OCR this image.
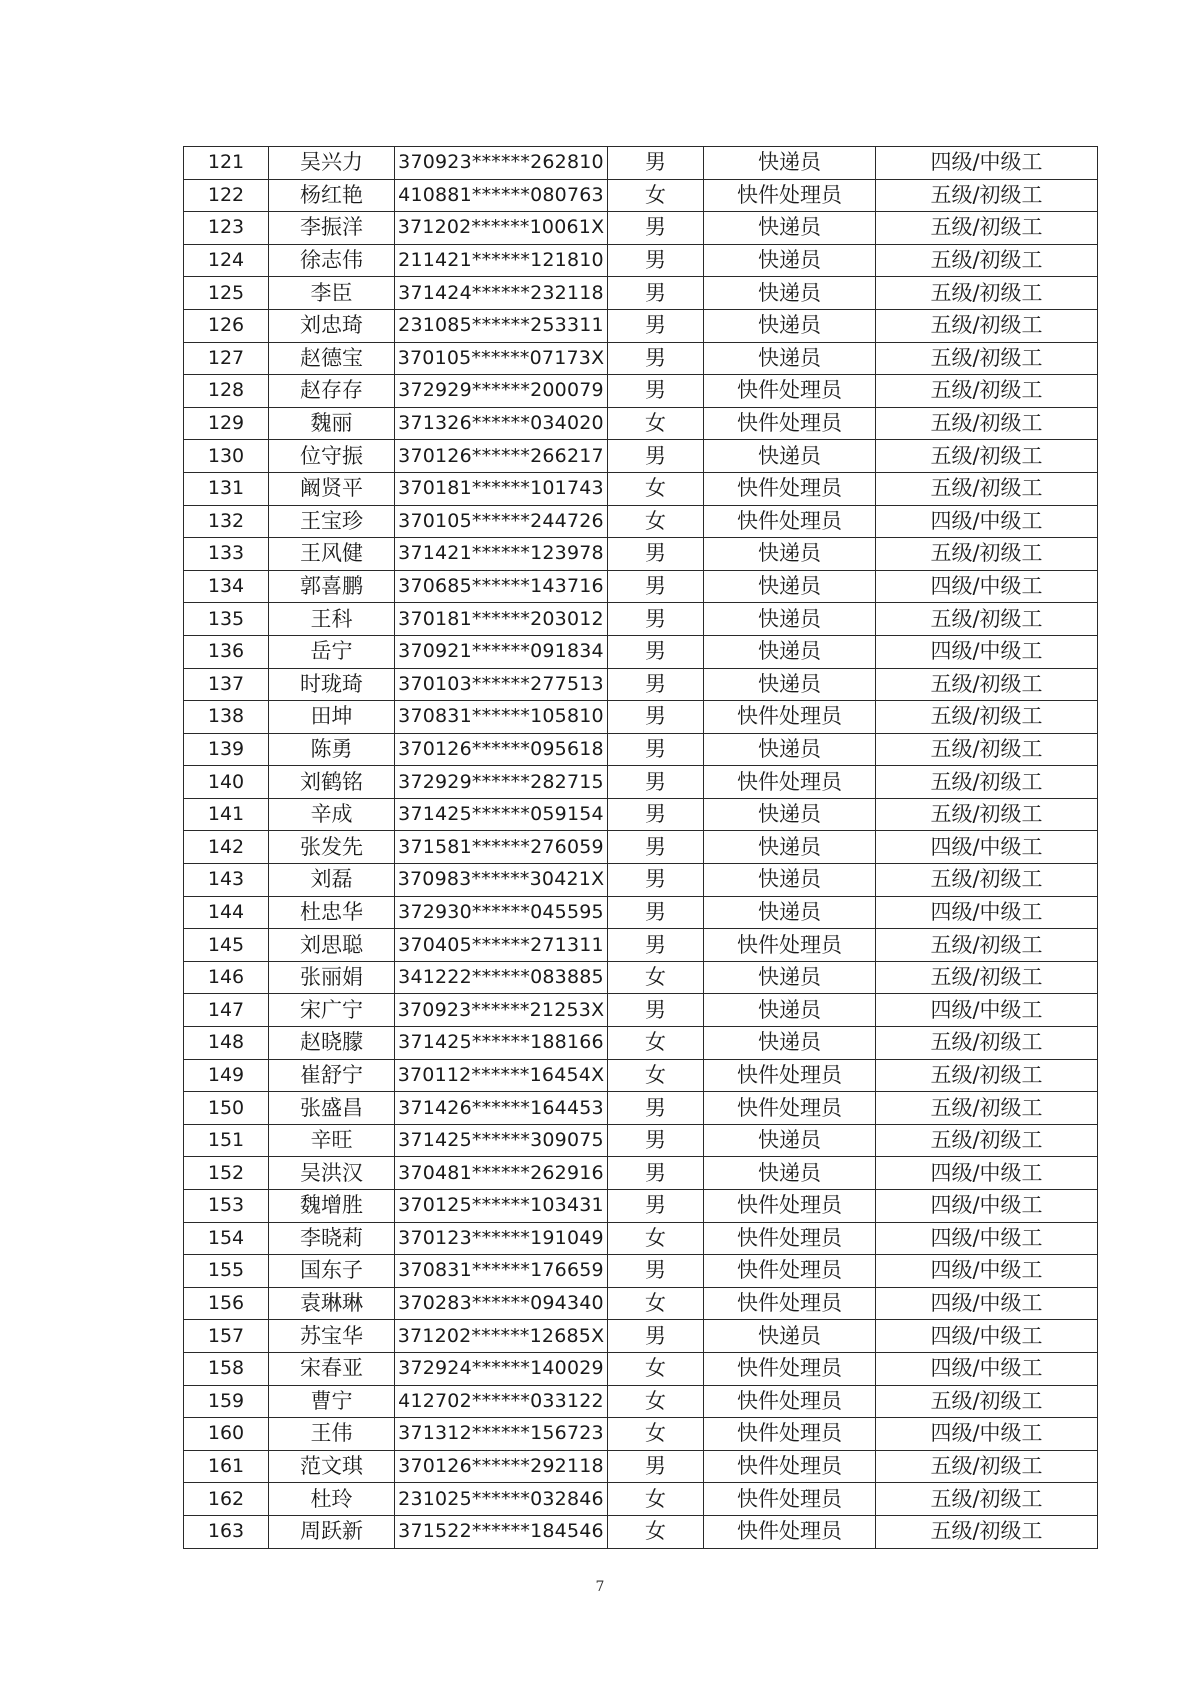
121	吴兴力	370923******262810	男	快递员	四级/中级工
122	杨红艳	410881******080763	女	快件处理员	五级/初级工
123	李振洋	371202******10061X	男	快递员	五级/初级工
124	徐志伟	211421******121810	男	快递员	五级/初级工
125	李臣	371424******232118	男	快递员	五级/初级工
126	刘忠琦	231085******253311	男	快递员	五级/初级工
127	赵德宝	370105******07173X	男	快递员	五级/初级工
128	赵存存	372929******200079	男	快件处理员	五级/初级工
129	魏丽	371326******034020	女	快件处理员	五级/初级工
130	位守振	370126******266217	男	快递员	五级/初级工
131	阚贤平	370181******101743	女	快件处理员	五级/初级工
132	王宝珍	370105******244726	女	快件处理员	四级/中级工
133	王风健	371421******123978	男	快递员	五级/初级工
134	郭喜鹏	370685******143716	男	快递员	四级/中级工
135	王科	370181******203012	男	快递员	五级/初级工
136	岳宁	370921******091834	男	快递员	四级/中级工
137	时珑琦	370103******277513	男	快递员	五级/初级工
138	田坤	370831******105810	男	快件处理员	五级/初级工
139	陈勇	370126******095618	男	快递员	五级/初级工
140	刘鹤铭	372929******282715	男	快件处理员	五级/初级工
141	辛成	371425******059154	男	快递员	五级/初级工
142	张发先	371581******276059	男	快递员	四级/中级工
143	刘磊	370983******30421X	男	快递员	五级/初级工
144	杜忠华	372930******045595	男	快递员	四级/中级工
145	刘思聪	370405******271311	男	快件处理员	五级/初级工
146	张丽娟	341222******083885	女	快递员	五级/初级工
147	宋广宁	370923******21253X	男	快递员	四级/中级工
148	赵晓朦	371425******188166	女	快递员	五级/初级工
149	崔舒宁	370112******16454X	女	快件处理员	五级/初级工
150	张盛昌	371426******164453	男	快件处理员	五级/初级工
151	辛旺	371425******309075	男	快递员	五级/初级工
152	吴洪汉	370481******262916	男	快递员	四级/中级工
153	魏增胜	370125******103431	男	快件处理员	四级/中级工
154	李晓莉	370123******191049	女	快件处理员	四级/中级工
155	国东子	370831******176659	男	快件处理员	四级/中级工
156	袁琳琳	370283******094340	女	快件处理员	四级/中级工
157	苏宝华	371202******12685X	男	快递员	四级/中级工
158	宋春亚	372924******140029	女	快件处理员	四级/中级工
159	曹宁	412702******033122	女	快件处理员	五级/初级工
160	王伟	371312******156723	女	快件处理员	四级/中级工
161	范文琪	370126******292118	男	快件处理员	五级/初级工
162	杜玲	231025******032846	女	快件处理员	五级/初级工
163	周跃新	371522******184546	女	快件处理员	五级/初级工
7
